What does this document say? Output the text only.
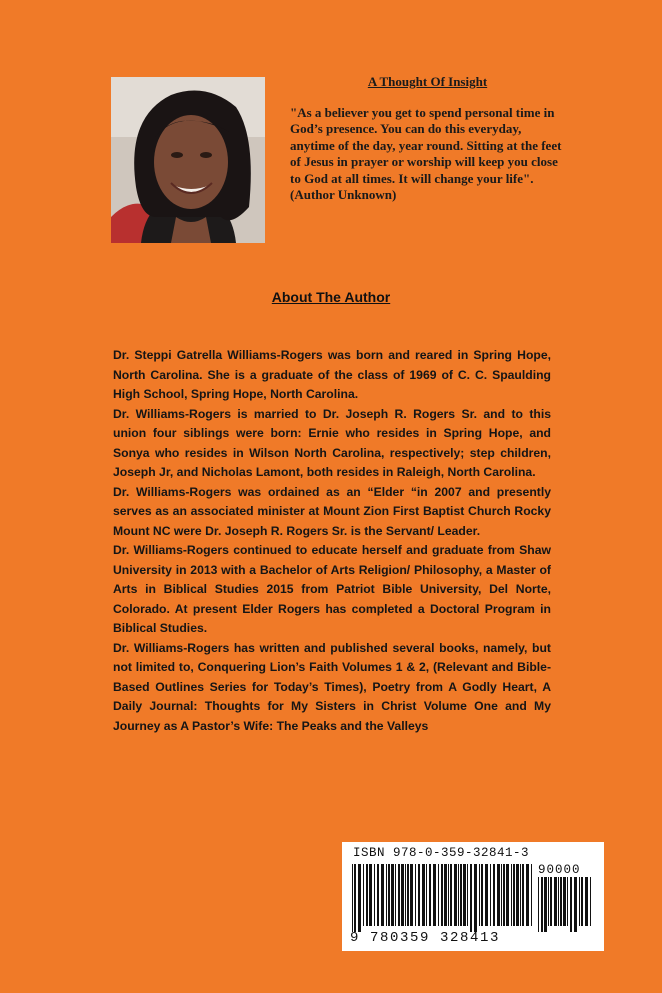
A Thought Of Insight

"As a believer you get to spend personal time in God’s presence. You can do this everyday, anytime of the day, year round. Sitting at the feet of Jesus in prayer or worship will keep you close to God at all times. It will change your life". (Author Unknown)

About The Author

Dr. Steppi Gatrella Williams-Rogers was born and reared in Spring Hope, North Carolina. She is a graduate of the class of 1969 of C. C. Spaulding High School, Spring Hope, North Carolina.

Dr. Williams-Rogers is married to Dr. Joseph R. Rogers Sr. and to this union four siblings were born: Ernie who resides in Spring Hope, and Sonya who resides in Wilson North Carolina, respectively; step children, Joseph Jr, and Nicholas Lamont, both resides in Raleigh, North Carolina.

Dr. Williams-Rogers was ordained as an “Elder “in 2007 and presently serves as an associated minister at Mount Zion First Baptist Church Rocky Mount NC were Dr. Joseph R. Rogers Sr. is the Servant/ Leader.

Dr. Williams-Rogers continued to educate herself and graduate from Shaw University in 2013 with a Bachelor of Arts Religion/ Philosophy, a Master of Arts in Biblical Studies 2015 from Patriot Bible University, Del Norte, Colorado. At present Elder Rogers has completed a Doctoral Program in Biblical Studies.

Dr. Williams-Rogers has written and published several books, namely, but not limited to, Conquering Lion’s Faith Volumes 1 & 2, (Relevant and Bible-Based Outlines Series for Today’s Times), Poetry from A Godly Heart, A Daily Journal: Thoughts for My Sisters in Christ Volume One and My Journey as A Pastor’s Wife: The Peaks and the Valleys

ISBN 978-0-359-32841-3
90000
9 780359 328413
